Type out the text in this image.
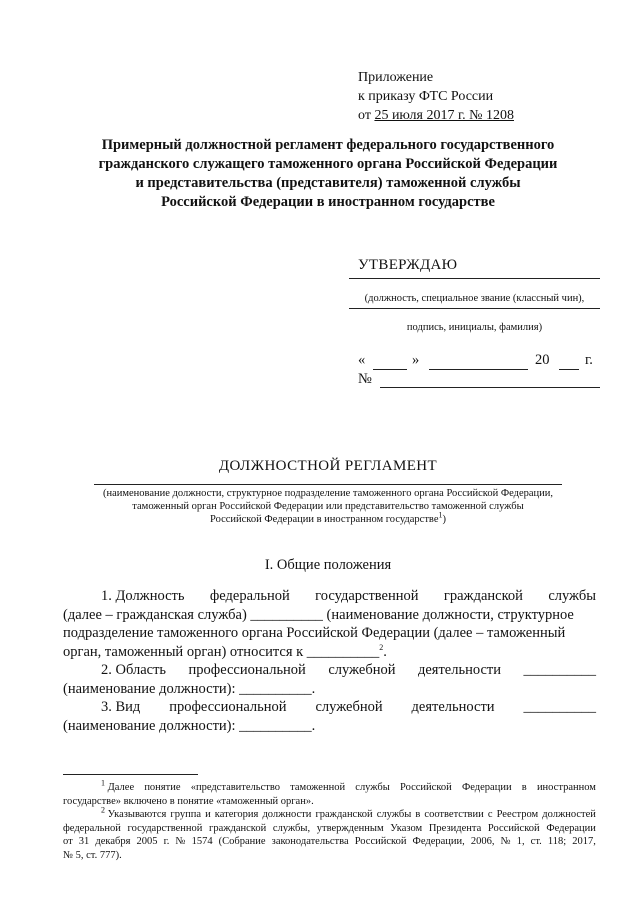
Приложение
к приказу ФТС России
от 25 июля 2017 г. № 1208
Примерный должностной регламент федерального государственного
гражданского служащего таможенного органа Российской Федерации
и представительства (представителя) таможенной службы
Российской Федерации в иностранном государстве
УТВЕРЖДАЮ
(должность, специальное звание (классный чин),
подпись, инициалы, фамилия)
«	»	20 г.
№
ДОЛЖНОСТНОЙ РЕГЛАМЕНТ
(наименование должности, структурное подразделение таможенного органа Российской Федерации,
таможенный орган Российской Федерации или представительство таможенной службы
Российской Федерации в иностранном государстве$^1$)
I. Общие положения
1. Должность федеральной государственной гражданской службы
(далее – гражданская служба) __________ (наименование должности, структурное
подразделение таможенного органа Российской Федерации (далее – таможенный
орган, таможенный орган) относится к __________$^2$.
2. Область профессиональной служебной деятельности __________
(наименование должности): __________.
3. Вид профессиональной служебной деятельности __________
(наименование должности): __________.
$^1$ Далее понятие «представительство таможенной службы Российской Федерации в иностранном
государстве» включено в понятие «таможенный орган».
$^2$ Указываются группа и категория должности гражданской службы в соответствии с Реестром должностей
федеральной государственной гражданской службы, утвержденным Указом Президента Российской Федерации
от 31 декабря 2005 г. № 1574 (Собрание законодательства Российской Федерации, 2006, № 1, ст. 118; 2017,
№ 5, ст. 777).
